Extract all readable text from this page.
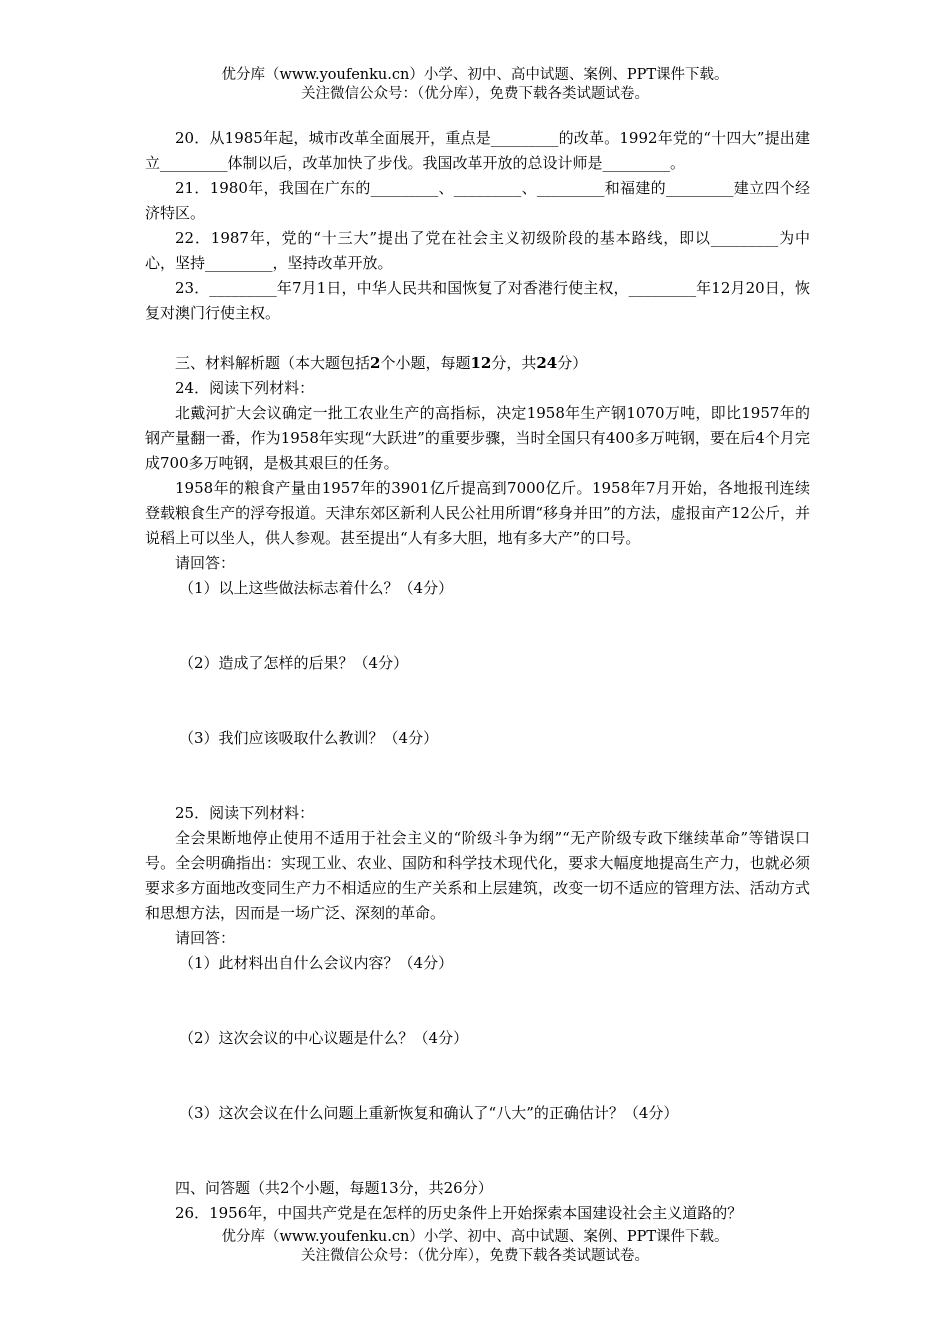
优分库（www.youfenku.cn）小学、初中、高中试题、案例、PPT课件下载。
关注微信公众号：（优分库），免费下载各类试题试卷。

20．从1985年起，城市改革全面展开，重点是_________的改革。1992年党的“十四大”提出建立_________体制以后，改革加快了步伐。我国改革开放的总设计师是_________。

21．1980年，我国在广东的_________、_________、_________和福建的_________建立四个经济特区。

22．1987年，党的“十三大”提出了党在社会主义初级阶段的基本路线，即以_________为中心，坚持_________，坚持改革开放。

23．_________年7月1日，中华人民共和国恢复了对香港行使主权，_________年12月20日，恢复对澳门行使主权。

三、材料解析题（本大题包括2个小题，每题12分，共24分）

24．阅读下列材料：

北戴河扩大会议确定一批工农业生产的高指标，决定1958年生产钢1070万吨，即比1957年的钢产量翻一番，作为1958年实现“大跃进”的重要步骤，当时全国只有400多万吨钢，要在后4个月完成700多万吨钢，是极其艰巨的任务。

1958年的粮食产量由1957年的3901亿斤提高到7000亿斤。1958年7月开始，各地报刊连续登载粮食生产的浮夸报道。天津东郊区新利人民公社用所谓“移身并田”的方法，虚报亩产12公斤，并说稻上可以坐人，供人参观。甚至提出“人有多大胆，地有多大产”的口号。

请回答：

（1）以上这些做法标志着什么？（4分）

（2）造成了怎样的后果？（4分）

（3）我们应该吸取什么教训？（4分）

25．阅读下列材料：

全会果断地停止使用不适用于社会主义的“阶级斗争为纲”“无产阶级专政下继续革命”等错误口号。全会明确指出：实现工业、农业、国防和科学技术现代化，要求大幅度地提高生产力，也就必须要求多方面地改变同生产力不相适应的生产关系和上层建筑，改变一切不适应的管理方法、活动方式和思想方法，因而是一场广泛、深刻的革命。

请回答：

（1）此材料出自什么会议内容？（4分）

（2）这次会议的中心议题是什么？（4分）

（3）这次会议在什么问题上重新恢复和确认了“八大”的正确估计？（4分）

四、问答题（共2个小题，每题13分，共26分）

26．1956年，中国共产党是在怎样的历史条件上开始探索本国建设社会主义道路的？

优分库（www.youfenku.cn）小学、初中、高中试题、案例、PPT课件下载。
关注微信公众号：（优分库），免费下载各类试题试卷。
